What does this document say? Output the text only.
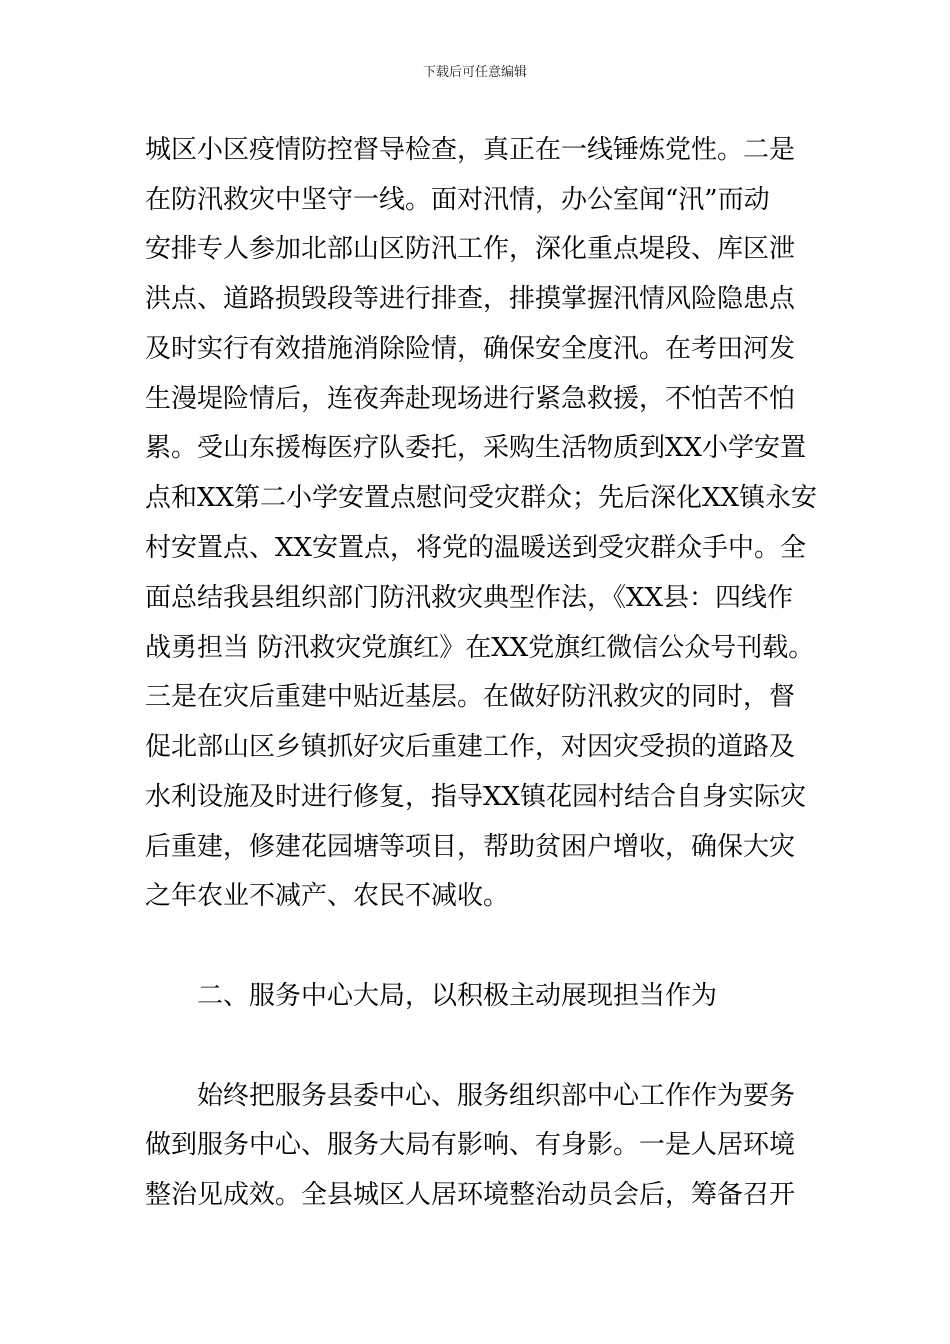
下载后可任意编辑
城区小区疫情防控督导检查，真正在一线锤炼党性。二是
在防汛救灾中坚守一线。面对汛情，办公室闻“汛”而动
安排专人参加北部山区防汛工作，深化重点堤段、库区泄
洪点、道路损毁段等进行排查，排摸掌握汛情风险隐患点
及时实行有效措施消除险情，确保安全度汛。在考田河发
生漫堤险情后，连夜奔赴现场进行紧急救援，不怕苦不怕
累。受山东援梅医疗队委托，采购生活物质到XX小学安置
点和XX第二小学安置点慰问受灾群众；先后深化XX镇永安
村安置点、XX安置点，将党的温暖送到受灾群众手中。全
面总结我县组织部门防汛救灾典型作法，《XX县：四线作
战勇担当 防汛救灾党旗红》在XX党旗红微信公众号刊载。
三是在灾后重建中贴近基层。在做好防汛救灾的同时，督
促北部山区乡镇抓好灾后重建工作，对因灾受损的道路及
水利设施及时进行修复，指导XX镇花园村结合自身实际灾
后重建，修建花园塘等项目，帮助贫困户增收，确保大灾
之年农业不减产、农民不减收。
二、服务中心大局，以积极主动展现担当作为
始终把服务县委中心、服务组织部中心工作作为要务
做到服务中心、服务大局有影响、有身影。一是人居环境
整治见成效。全县城区人居环境整治动员会后，筹备召开
